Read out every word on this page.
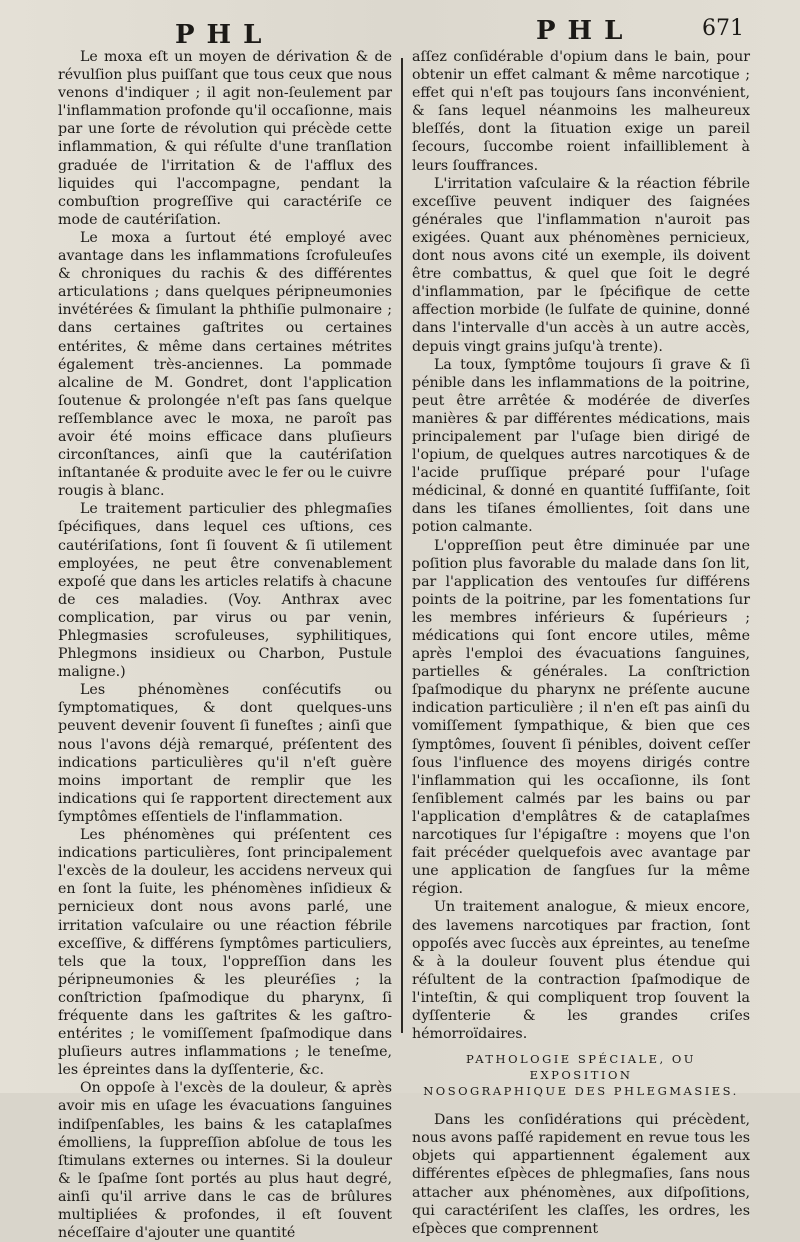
PHL	PHL	671

Le moxa eſt un moyen de dérivation & de révulſion plus puiſſant que tous ceux que nous venons d'indiquer ; il agit non-ſeulement par l'inflammation profonde qu'il occaſionne, mais par une ſorte de révolution qui précède cette inflammation, & qui réſulte d'une tranſlation graduée de l'irritation & de l'afflux des liquides qui l'accompagne, pendant la combuſtion progreſſive qui caractériſe ce mode de cautériſation.

Le moxa a ſurtout été employé avec avantage dans les inflammations ſcrofuleuſes & chroniques du rachis & des différentes articulations ; dans quelques péripneumonies invétérées & ſimulant la phthiſie pulmonaire ; dans certaines gaſtrites ou certaines entérites, & même dans certaines métrites également très-anciennes. La pommade alcaline de M. Gondret, dont l'application ſoutenue & prolongée n'eſt pas ſans quelque reſſemblance avec le moxa, ne paroît pas avoir été moins efficace dans pluſieurs circonſtances, ainſi que la cautériſation inſtantanée & produite avec le fer ou le cuivre rougis à blanc.

Le traitement particulier des phlegmaſies ſpécifiques, dans lequel ces uſtions, ces cautériſations, ſont ſi ſouvent & ſi utilement employées, ne peut être convenablement expoſé que dans les articles relatifs à chacune de ces maladies. (Voy. Anthrax avec complication, par virus ou par venin, Phlegmasies scrofuleuses, syphilitiques, Phlegmons insidieux ou Charbon, Pustule maligne.)

Les phénomènes conſécutifs ou ſymptomatiques, & dont quelques-uns peuvent devenir ſouvent ſi funeſtes ; ainſi que nous l'avons déjà remarqué, préſentent des indications particulières qu'il n'eſt guère moins important de remplir que les indications qui ſe rapportent directement aux ſymptômes eſſentiels de l'inflammation.

Les phénomènes qui préſentent ces indications particulières, ſont principalement l'excès de la douleur, les accidens nerveux qui en ſont la ſuite, les phénomènes inſidieux & pernicieux dont nous avons parlé, une irritation vaſculaire ou une réaction fébrile exceſſive, & différens ſymptômes particuliers, tels que la toux, l'oppreſſion dans les péripneumonies & les pleuréſies ; la conſtriction ſpaſmodique du pharynx, ſi fréquente dans les gaſtrites & les gaſtro-entérites ; le vomiſſement ſpaſmodique dans pluſieurs autres inflammations ; le teneſme, les épreintes dans la dyſſenterie, &c.

On oppoſe à l'excès de la douleur, & après avoir mis en uſage les évacuations ſanguines indiſpenſables, les bains & les cataplaſmes émolliens, la ſuppreſſion abſolue de tous les ſtimulans externes ou internes. Si la douleur & le ſpaſme ſont portés au plus haut degré, ainſi qu'il arrive dans le cas de brûlures multipliées & profondes, il eſt ſouvent néceſſaire d'ajouter une quantité

aſſez conſidérable d'opium dans le bain, pour obtenir un effet calmant & même narcotique ; effet qui n'eſt pas toujours ſans inconvénient, & ſans lequel néanmoins les malheureux bleſſés, dont la ſituation exige un pareil ſecours, ſuccombe roient infailliblement à leurs ſouffrances.

L'irritation vaſculaire & la réaction fébrile exceſſive peuvent indiquer des ſaignées générales que l'inflammation n'auroit pas exigées. Quant aux phénomènes pernicieux, dont nous avons cité un exemple, ils doivent être combattus, & quel que ſoit le degré d'inflammation, par le ſpécifique de cette affection morbide (le ſulfate de quinine, donné dans l'intervalle d'un accès à un autre accès, depuis vingt grains juſqu'à trente).

La toux, ſymptôme toujours ſi grave & ſi pénible dans les inflammations de la poitrine, peut être arrêtée & modérée de diverſes manières & par différentes médications, mais principalement par l'uſage bien dirigé de l'opium, de quelques autres narcotiques & de l'acide pruſſique préparé pour l'uſage médicinal, & donné en quantité ſuffiſante, ſoit dans les tiſanes émollientes, ſoit dans une potion calmante.

L'oppreſſion peut être diminuée par une poſition plus favorable du malade dans ſon lit, par l'application des ventouſes ſur différens points de la poitrine, par les fomentations ſur les membres inférieurs & ſupérieurs ; médications qui ſont encore utiles, même après l'emploi des évacuations ſanguines, partielles & générales. La conſtriction ſpaſmodique du pharynx ne préſente aucune indication particulière ; il n'en eſt pas ainſi du vomiſſement ſympathique, & bien que ces ſymptômes, ſouvent ſi pénibles, doivent ceſſer ſous l'influence des moyens dirigés contre l'inflammation qui les occaſionne, ils ſont ſenſiblement calmés par les bains ou par l'application d'emplâtres & de cataplaſmes narcotiques ſur l'épigaſtre : moyens que l'on fait précéder quelquefois avec avantage par une application de ſangſues ſur la même région.

Un traitement analogue, & mieux encore, des lavemens narcotiques par fraction, ſont oppoſés avec ſuccès aux épreintes, au teneſme & à la douleur ſouvent plus étendue qui réſultent de la contraction ſpaſmodique de l'inteſtin, & qui compliquent trop ſouvent la dyſſenterie & les grandes criſes hémorroïdaires.

PATHOLOGIE SPÉCIALE, OU EXPOSITION
NOSOGRAPHIQUE DES PHLEGMASIES.

Dans les conſidérations qui précèdent, nous avons paſſé rapidement en revue tous les objets qui appartiennent également aux différentes eſpèces de phlegmaſies, ſans nous attacher aux phénomènes, aux diſpoſitions, qui caractériſent les claſſes, les ordres, les eſpèces que comprennent
